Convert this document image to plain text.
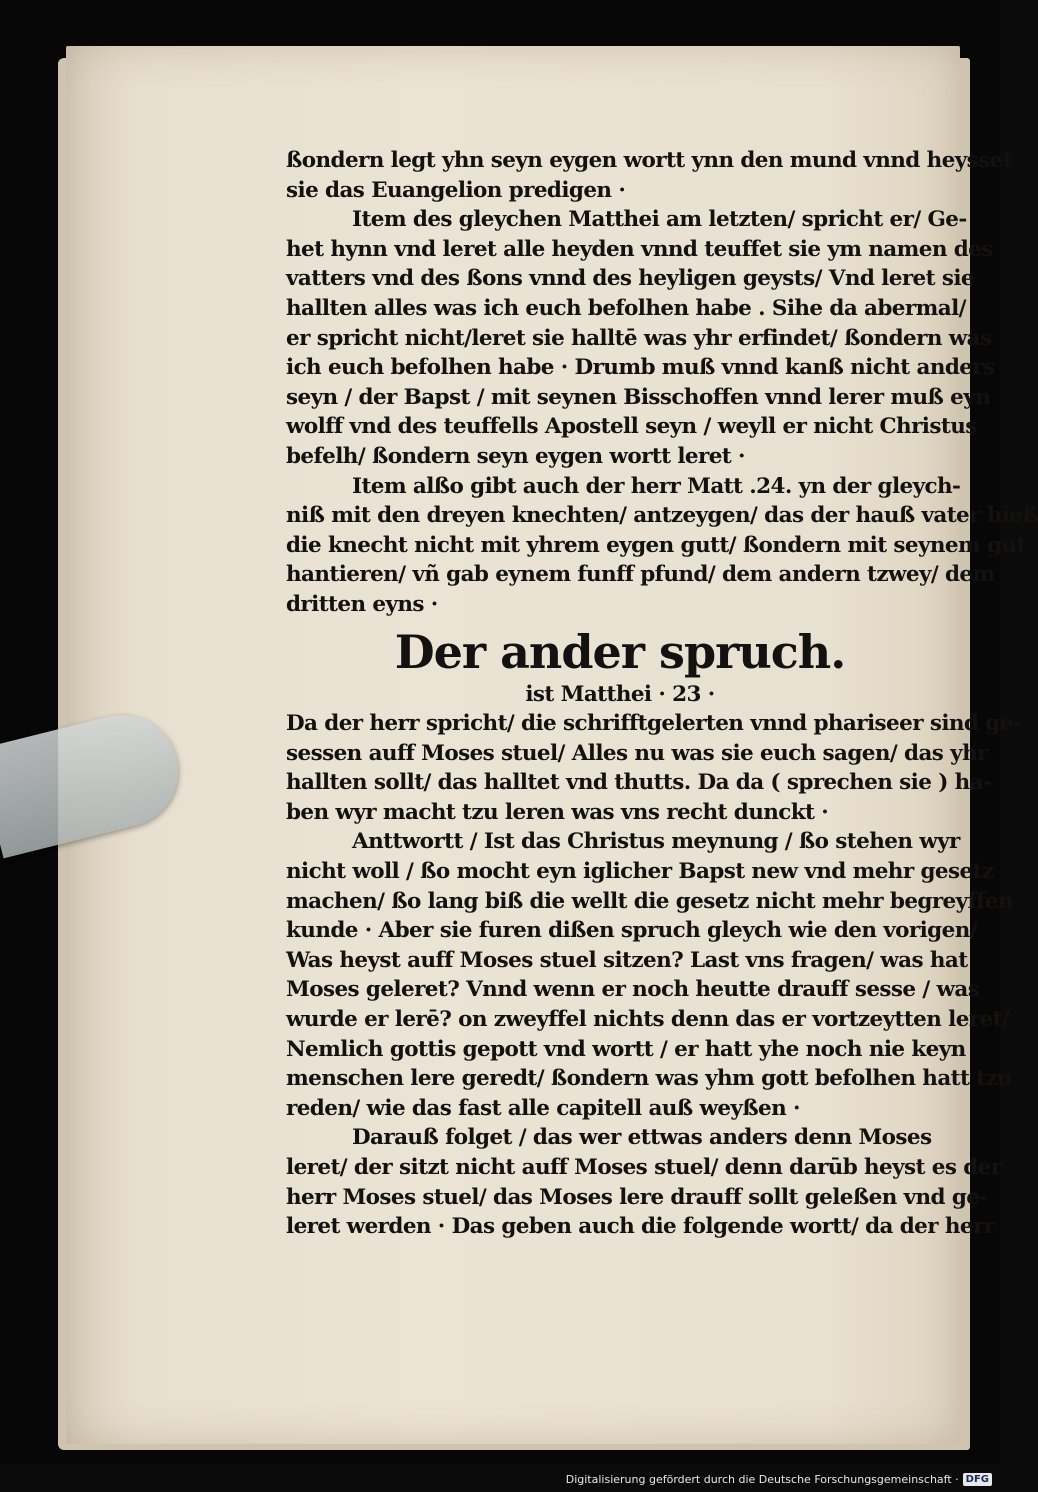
ßondern legt yhn seyn eygen wortt ynn den mund vnnd heysset
sie das Euangelion predigen ·
Item des gleychen Matthei am letzten/ spricht er/ Ge-
het hynn vnd leret alle heyden vnnd teuffet sie ym namen des
vatters vnd des ßons vnnd des heyligen geysts/ Vnd leret sie
hallten alles was ich euch befolhen habe . Sihe da abermal/
er spricht nicht/leret sie halltē was yhr erfindet/ ßondern was
ich euch befolhen habe · Drumb muß vnnd kanß nicht anders
seyn / der Bapst / mit seynen Bisschoffen vnnd lerer muß eyn
wolff vnd des teuffells Apostell seyn / weyll er nicht Christus
befelh/ ßondern seyn eygen wortt leret ·
Item alßo gibt auch der herr Matt .24. yn der gleych-
niß mit den dreyen knechten/ antzeygen/ das der hauß vater hieß
die knecht nicht mit yhrem eygen gutt/ ßondern mit seynem gut
hantieren/ vñ gab eynem funff pfund/ dem andern tzwey/ dem
dritten eyns ·
Der ander spruch.
ist Matthei · 23 ·
Da der herr spricht/ die schrifftgelerten vnnd phariseer sind ge-
sessen auff Moses stuel/ Alles nu was sie euch sagen/ das yhr
hallten sollt/ das halltet vnd thutts. Da da ( sprechen sie ) ha-
ben wyr macht tzu leren was vns recht dunckt ·
Anttwortt / Ist das Christus meynung / ßo stehen wyr
nicht woll / ßo mocht eyn iglicher Bapst new vnd mehr gesetz
machen/ ßo lang biß die wellt die gesetz nicht mehr begreyffen
kunde · Aber sie furen dißen spruch gleych wie den vorigen/
Was heyst auff Moses stuel sitzen? Last vns fragen/ was hat
Moses geleret? Vnnd wenn er noch heutte drauff sesse / was
wurde er lerē? on zweyffel nichts denn das er vortzeytten leret/
Nemlich gottis gepott vnd wortt / er hatt yhe noch nie keyn
menschen lere geredt/ ßondern was yhm gott befolhen hatt tzu
reden/ wie das fast alle capitell auß weyßen ·
Darauß folget / das wer ettwas anders denn Moses
leret/ der sitzt nicht auff Moses stuel/ denn darūb heyst es der
herr Moses stuel/ das Moses lere drauff sollt geleßen vnd ge-
leret werden · Das geben auch die folgende wortt/ da der herr
Digitalisierung gefördert durch die Deutsche Forschungsgemeinschaft · DFG
